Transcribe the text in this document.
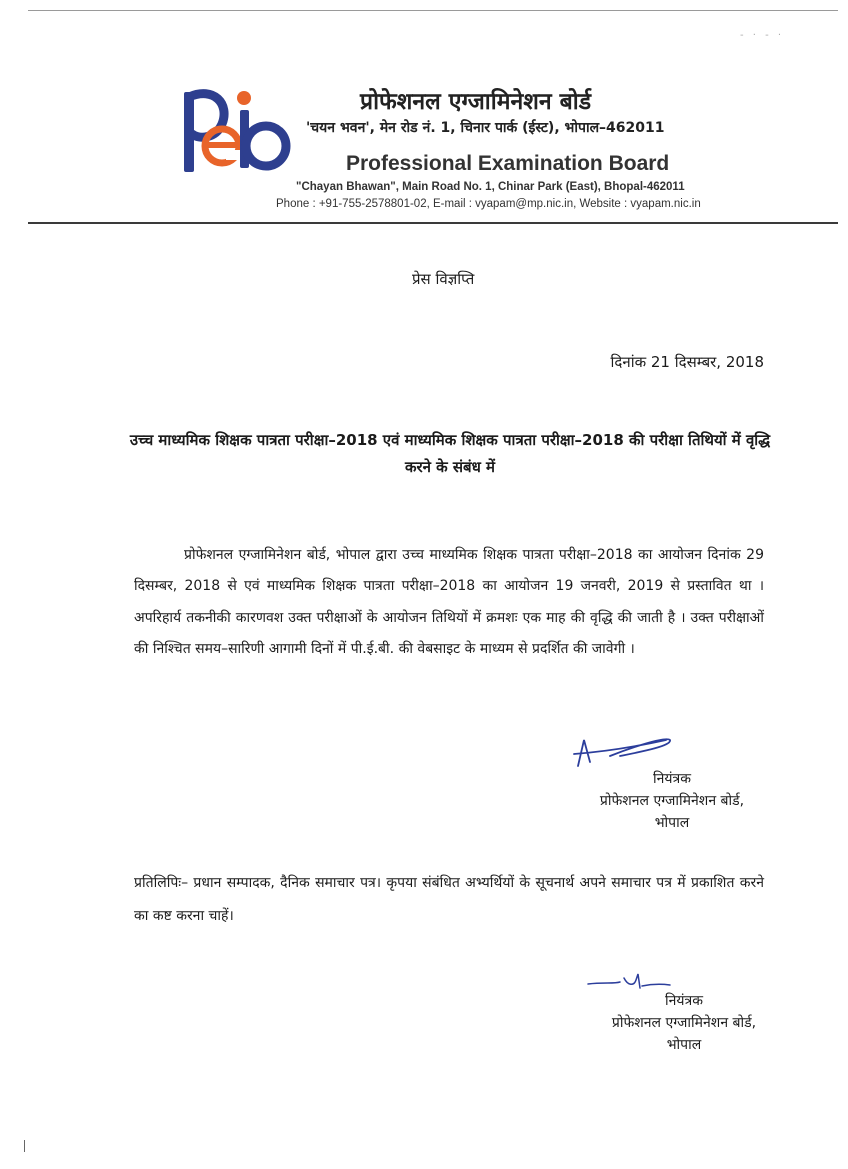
- · - ·
प्रोफेशनल एग्जामिनेशन बोर्ड
'चयन भवन', मेन रोड नं. 1, चिनार पार्क (ईस्ट), भोपाल–462011
Professional Examination Board
"Chayan Bhawan", Main Road No. 1, Chinar Park (East), Bhopal-462011
Phone : +91-755-2578801-02, E-mail : vyapam@mp.nic.in, Website : vyapam.nic.in
प्रेस विज्ञप्ति
दिनांक 21 दिसम्बर, 2018
उच्च माध्यमिक शिक्षक पात्रता परीक्षा–2018 एवं माध्यमिक शिक्षक पात्रता परीक्षा–2018 की परीक्षा तिथियों में वृद्धि करने के संबंध में

प्रोफेशनल एग्जामिनेशन बोर्ड, भोपाल द्वारा उच्च माध्यमिक शिक्षक पात्रता परीक्षा–2018 का आयोजन दिनांक 29 दिसम्बर, 2018 से एवं माध्यमिक शिक्षक पात्रता परीक्षा–2018 का आयोजन 19 जनवरी, 2019 से प्रस्तावित था । अपरिहार्य तकनीकी कारणवश उक्त परीक्षाओं के आयोजन तिथियों में क्रमशः एक माह की वृद्धि की जाती है । उक्त परीक्षाओं की निश्चित समय–सारिणी आगामी दिनों में पी.ई.बी. की वेबसाइट के माध्यम से प्रदर्शित की जावेगी ।

नियंत्रक
प्रोफेशनल एग्जामिनेशन बोर्ड,
भोपाल

प्रतिलिपिः– प्रधान सम्पादक, दैनिक समाचार पत्र। कृपया संबंधित अभ्यर्थियों के सूचनार्थ अपने समाचार पत्र में प्रकाशित करने का कष्ट करना चाहें।

नियंत्रक
प्रोफेशनल एग्जामिनेशन बोर्ड,
भोपाल
